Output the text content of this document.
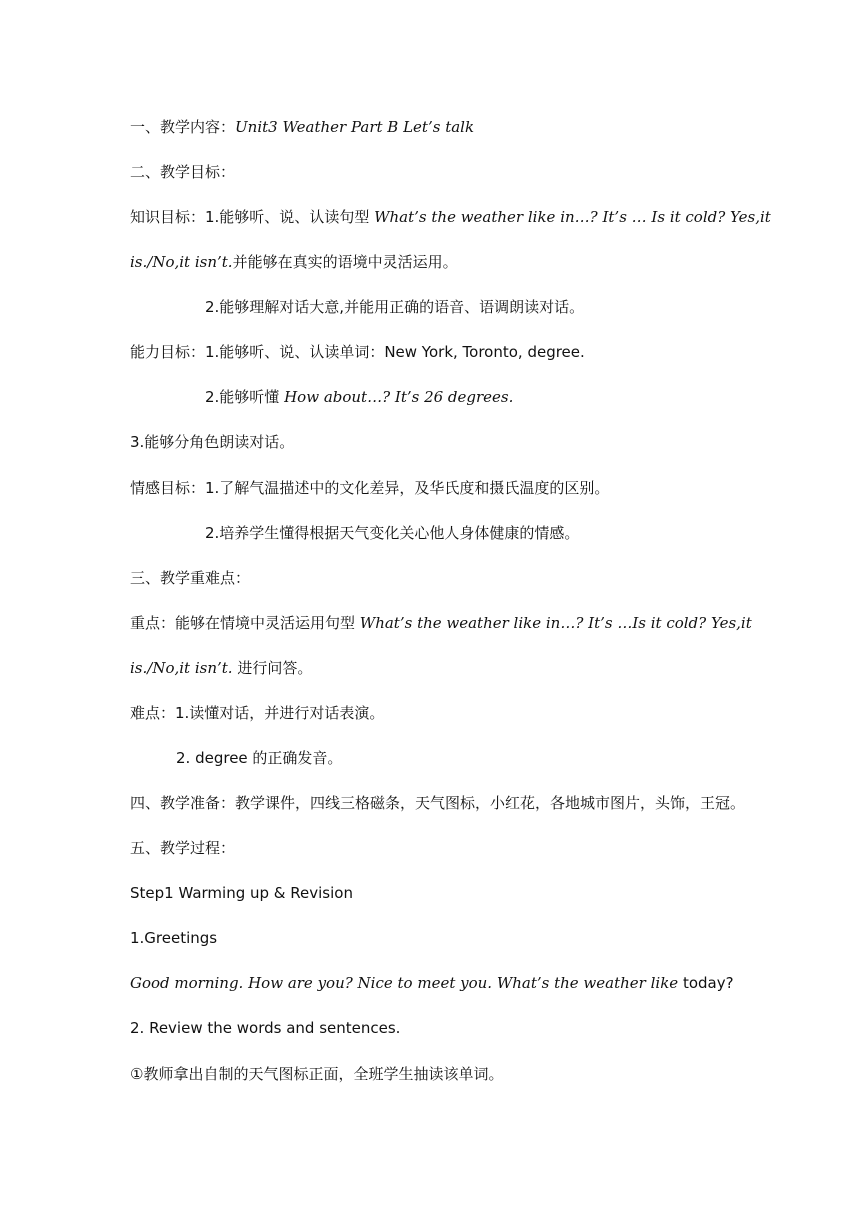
一、教学内容：Unit3 Weather Part B Let’s talk
二、教学目标：
知识目标：1.能够听、说、认读句型 What’s the weather like in…? It’s … Is it cold? Yes,it
is./No,it isn’t.并能够在真实的语境中灵活运用。
2.能够理解对话大意,并能用正确的语音、语调朗读对话。
能力目标：1.能够听、说、认读单词：New York, Toronto, degree.
2.能够听懂 How about…? It’s 26 degrees.
3.能够分角色朗读对话。
情感目标：1.了解气温描述中的文化差异，及华氏度和摄氏温度的区别。
2.培养学生懂得根据天气变化关心他人身体健康的情感。
三、教学重难点：
重点：能够在情境中灵活运用句型 What’s the weather like in…? It’s …Is it cold? Yes,it
is./No,it isn’t. 进行问答。
难点：1.读懂对话，并进行对话表演。
2. degree 的正确发音。
四、教学准备：教学课件，四线三格磁条，天气图标，小红花，各地城市图片，头饰，王冠。
五、教学过程：
Step1 Warming up & Revision
1.Greetings
Good morning. How are you? Nice to meet you. What’s the weather like today?
2. Review the words and sentences.
①教师拿出自制的天气图标正面，全班学生抽读该单词。
